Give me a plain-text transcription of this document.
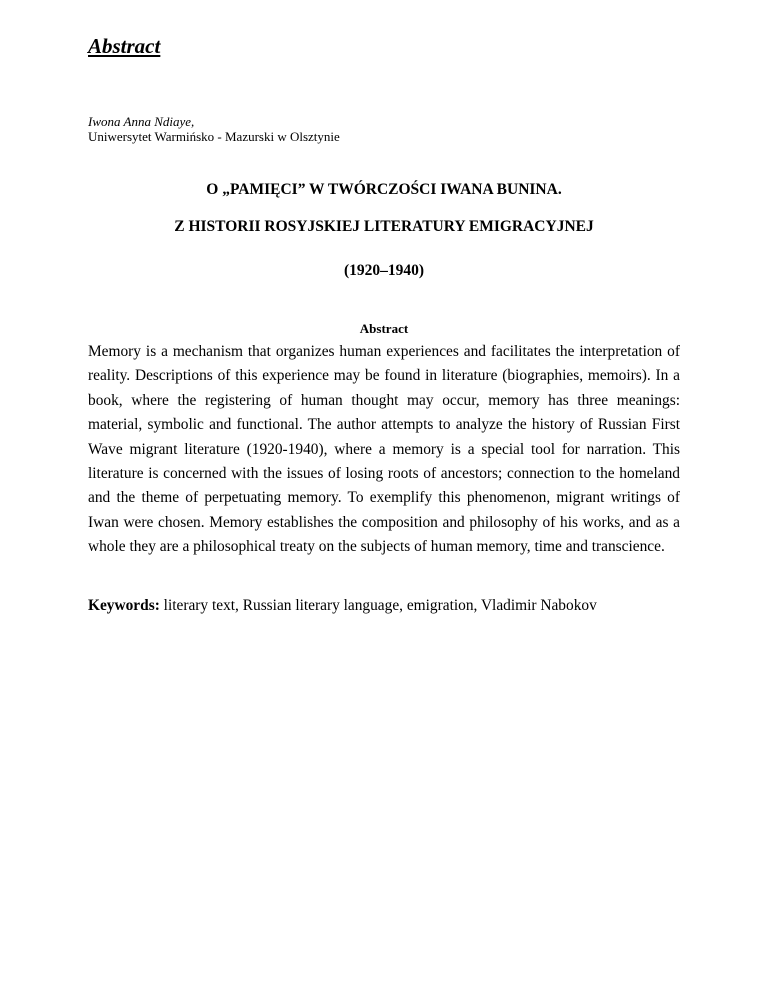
Abstract
Iwona Anna Ndiaye,
Uniwersytet Warmińsko - Mazurski w Olsztynie
O „PAMIĘCI” W TWÓRCZOŚCI IWANA BUNINA.
Z HISTORII ROSYJSKIEJ LITERATURY EMIGRACYJNEJ
(1920–1940)
Abstract

Memory is a mechanism that organizes human experiences and facilitates the interpretation of reality. Descriptions of this experience may be found in literature (biographies, memoirs). In a book, where the registering of human thought may occur, memory has three meanings: material, symbolic and functional. The author attempts to analyze the history of Russian First Wave migrant literature (1920-1940), where a memory is a special tool for narration. This literature is concerned with the issues of losing roots of ancestors; connection to the homeland and the theme of perpetuating memory. To exemplify this phenomenon, migrant writings of Iwan were chosen. Memory establishes the composition and philosophy of his works, and as a whole they are a philosophical treaty on the subjects of human memory, time and transcience.

Keywords: literary text, Russian literary language, emigration, Vladimir Nabokov
